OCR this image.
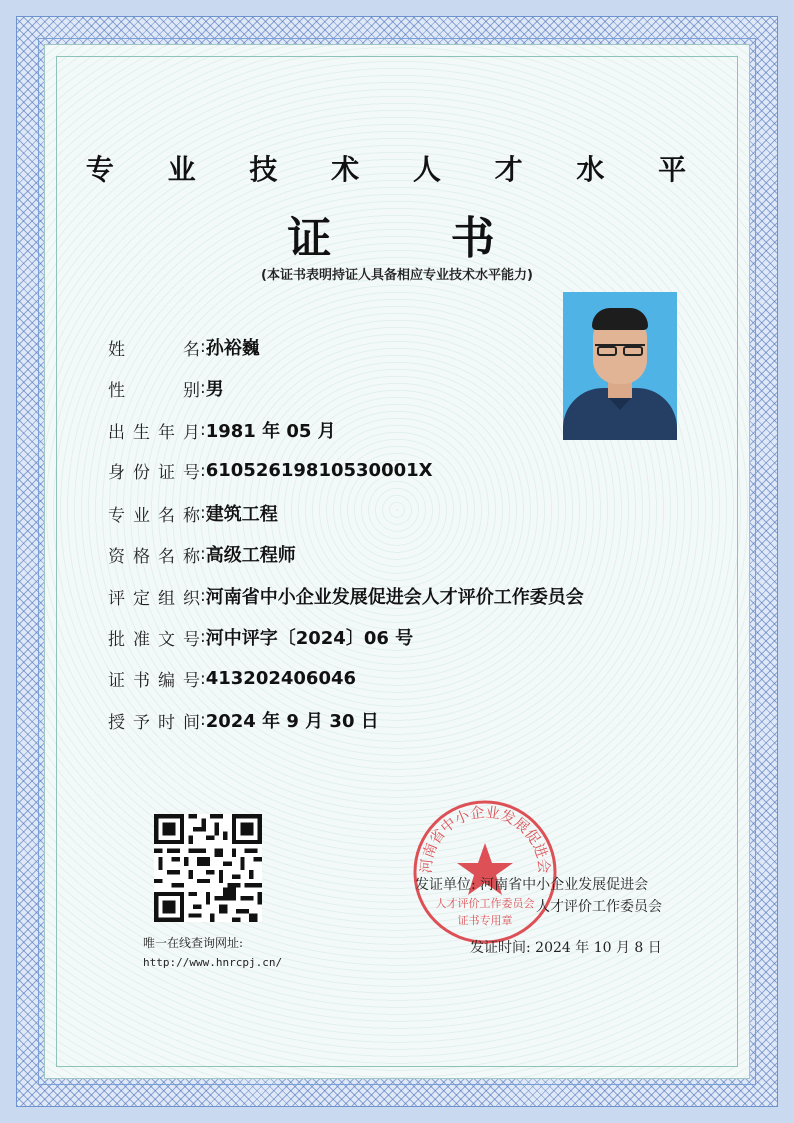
专 业 技 术 人 才 水 平
证 书
(本证书表明持证人具备相应专业技术水平能力)
姓 名:孙裕巍
性 别:男
出生年月:1981 年 05 月
身份证号:61052619810530001X
专业名称:建筑工程
资格名称:高级工程师
评定组织:河南省中小企业发展促进会人才评价工作委员会
批准文号:河中评字〔2024〕06 号
证书编号:413202406046
授予时间:2024 年 9 月 30 日
唯一在线查询网址:
http://www.hnrcpj.cn/
河南省中小企业发展促进会
人才评价工作委员会
证书专用章
发证单位: 河南省中小企业发展促进会
人才评价工作委员会
发证时间: 2024 年 10 月 8 日
